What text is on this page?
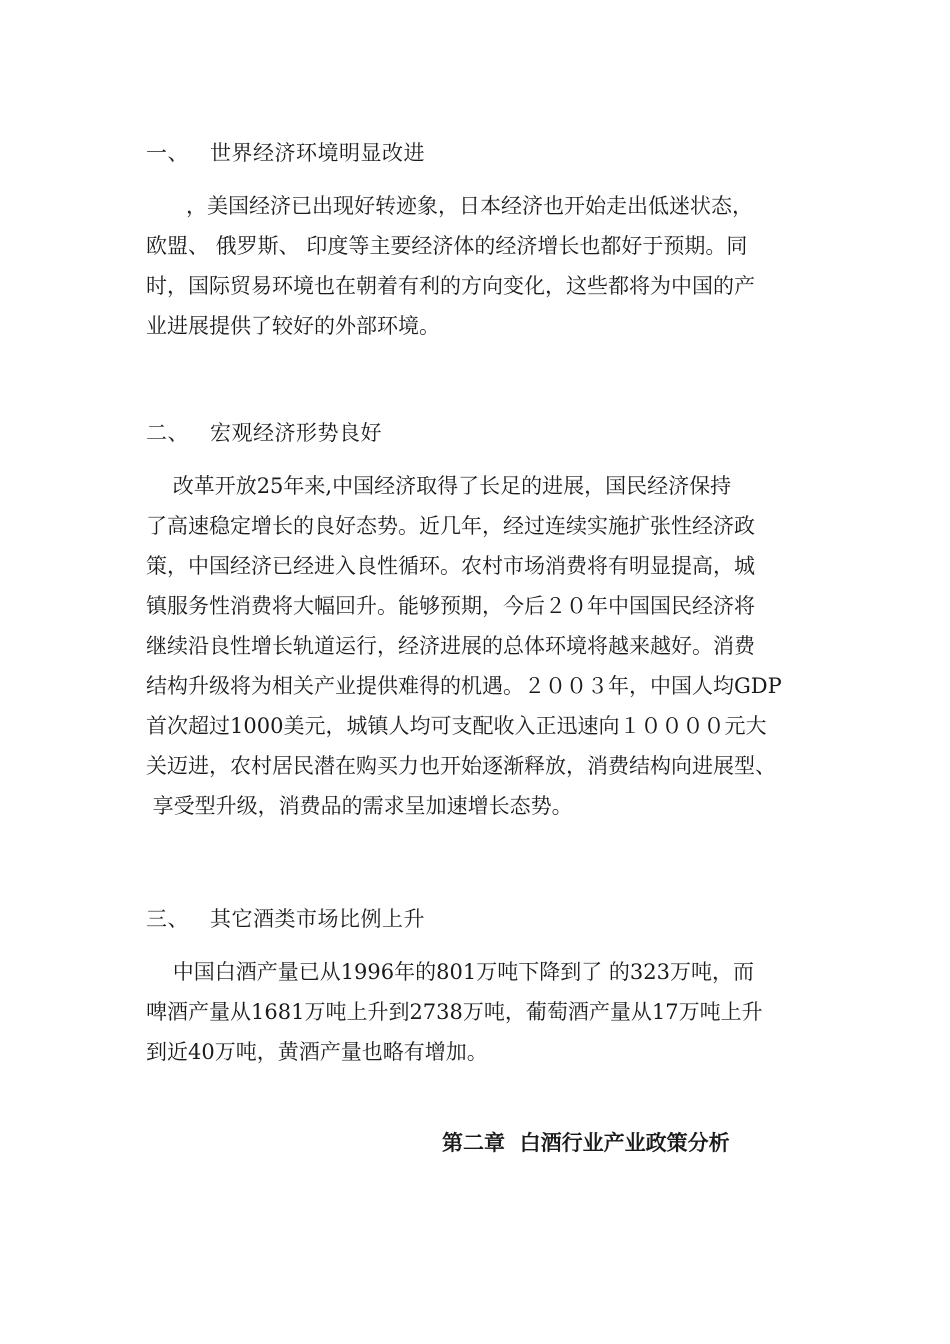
一、 世界经济环境明显改进
，美国经济已出现好转迹象，日本经济也开始走出低迷状态，
欧盟、 俄罗斯、 印度等主要经济体的经济增长也都好于预期。同
时，国际贸易环境也在朝着有利的方向变化，这些都将为中国的产
业进展提供了较好的外部环境。
二、 宏观经济形势良好
改革开放25年来,中国经济取得了长足的进展，国民经济保持
了高速稳定增长的良好态势。近几年，经过连续实施扩张性经济政
策，中国经济已经进入良性循环。农村市场消费将有明显提高，城
镇服务性消费将大幅回升。能够预期，今后２０年中国国民经济将
继续沿良性增长轨道运行，经济进展的总体环境将越来越好。消费
结构升级将为相关产业提供难得的机遇。２００３年，中国人均GDP
首次超过1000美元，城镇人均可支配收入正迅速向１００００元大
关迈进，农村居民潜在购买力也开始逐渐释放，消费结构向进展型、
享受型升级，消费品的需求呈加速增长态势。
三、 其它酒类市场比例上升
中国白酒产量已从1996年的801万吨下降到了 的323万吨，而
啤酒产量从1681万吨上升到2738万吨，葡萄酒产量从17万吨上升
到近40万吨，黄酒产量也略有增加。
第二章  白酒行业产业政策分析
